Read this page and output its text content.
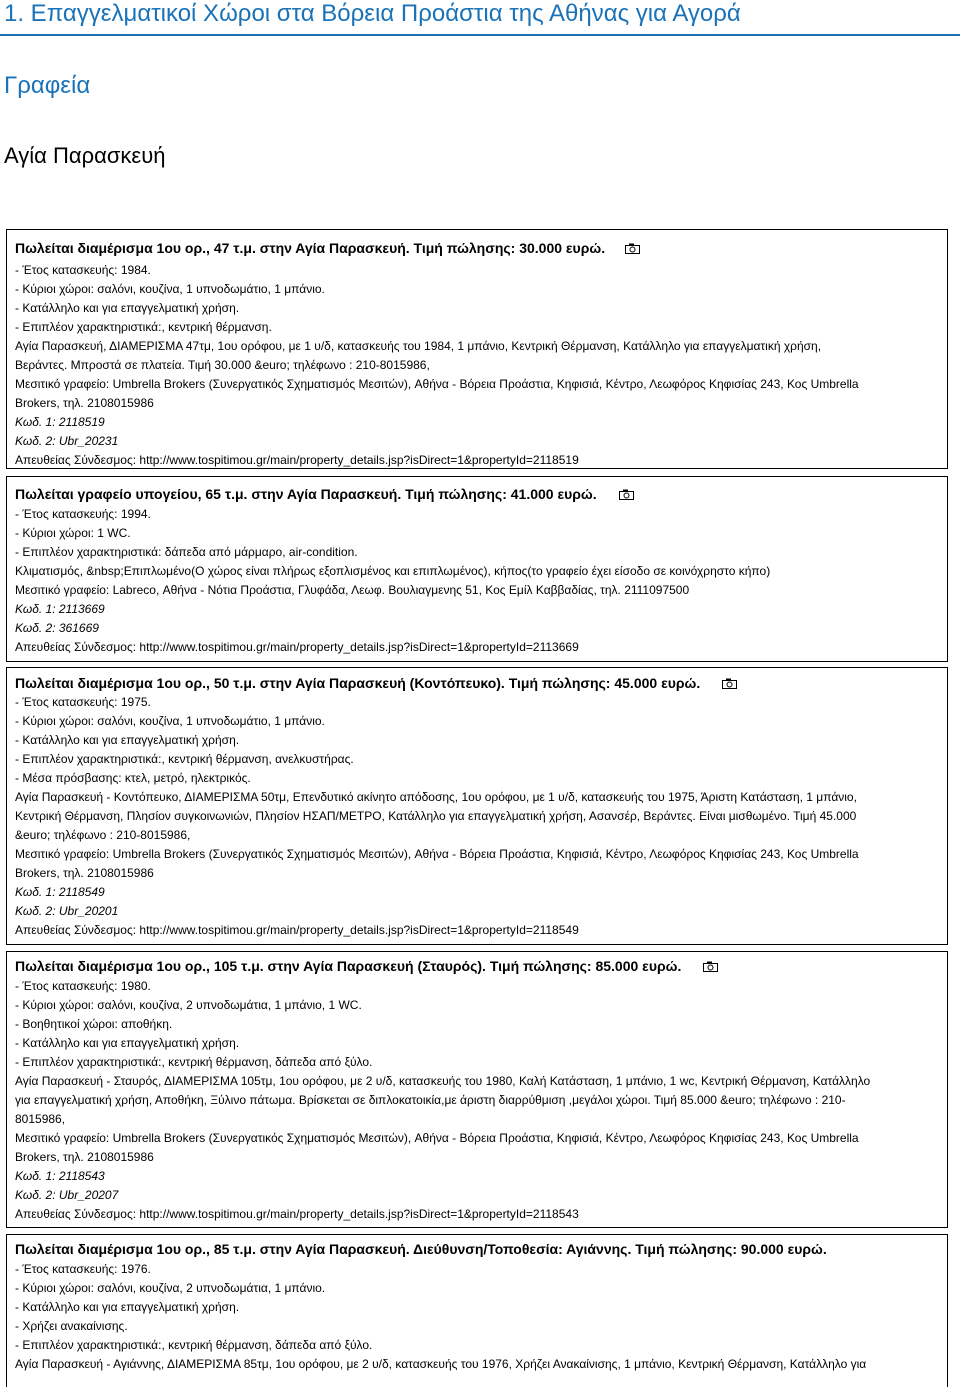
1. Επαγγελματικοί Χώροι στα Βόρεια Προάστια της Αθήνας για Αγορά
Γραφεία
Αγία Παρασκευή
Πωλείται διαμέρισμα 1ου ορ., 47 τ.μ. στην Αγία Παρασκευή. Τιμή πώλησης: 30.000 ευρώ.
- Έτος κατασκευής: 1984.
- Κύριοι χώροι: σαλόνι, κουζίνα, 1 υπνοδωμάτιο, 1 μπάνιο.
- Κατάλληλο και για επαγγελματική χρήση.
- Επιπλέον χαρακτηριστικά:, κεντρική θέρμανση.
Αγία Παρασκευή, ΔΙΑΜΕΡΙΣΜΑ 47τμ, 1ου ορόφου, με 1 υ/δ, κατασκευής του 1984, 1 μπάνιο, Κεντρική Θέρμανση, Κατάλληλο για επαγγελματική χρήση,
Βεράντες. Μπροστά σε πλατεία. Τιμή 30.000 &euro; τηλέφωνο : 210-8015986,
Μεσιτικό γραφείο: Umbrella Brokers (Συνεργατικός Σχηματισμός Μεσιτών), Αθήνα - Βόρεια Προάστια, Κηφισιά, Κέντρο, Λεωφόρος Κηφισίας 243, Κος Umbrella
Brokers, τηλ. 2108015986
Κωδ. 1: 2118519
Κωδ. 2: Ubr_20231
Απευθείας Σύνδεσμος: http://www.tospitimou.gr/main/property_details.jsp?isDirect=1&propertyId=2118519
Πωλείται γραφείο υπογείου, 65 τ.μ. στην Αγία Παρασκευή. Τιμή πώλησης: 41.000 ευρώ.
- Έτος κατασκευής: 1994.
- Κύριοι χώροι: 1 WC.
- Επιπλέον χαρακτηριστικά: δάπεδα από μάρμαρο, air-condition.
Κλιματισμός, &nbsp;Επιπλωμένο(Ο χώρος είναι πλήρως εξοπλισμένος και επιπλωμένος), κήπος(το γραφείο έχει είσοδο σε κοινόχρηστο κήπο)
Μεσιτικό γραφείο: Labreco, Αθήνα - Νότια Προάστια, Γλυφάδα, Λεωφ. Βουλιαγμενης 51, Κος Εμίλ Καββαδίας, τηλ. 2111097500
Κωδ. 1: 2113669
Κωδ. 2: 361669
Απευθείας Σύνδεσμος: http://www.tospitimou.gr/main/property_details.jsp?isDirect=1&propertyId=2113669
Πωλείται διαμέρισμα 1ου ορ., 50 τ.μ. στην Αγία Παρασκευή (Κοντόπευκο). Τιμή πώλησης: 45.000 ευρώ.
- Έτος κατασκευής: 1975.
- Κύριοι χώροι: σαλόνι, κουζίνα, 1 υπνοδωμάτιο, 1 μπάνιο.
- Κατάλληλο και για επαγγελματική χρήση.
- Επιπλέον χαρακτηριστικά:, κεντρική θέρμανση, ανελκυστήρας.
- Μέσα πρόσβασης: κτελ, μετρό, ηλεκτρικός.
Αγία Παρασκευή - Κοντόπευκο, ΔΙΑΜΕΡΙΣΜΑ 50τμ, Επενδυτικό ακίνητο απόδοσης, 1ου ορόφου, με 1 υ/δ, κατασκευής του 1975, Άριστη Κατάσταση, 1 μπάνιο,
Κεντρική Θέρμανση, Πλησίον συγκοινωνιών, Πλησίον ΗΣΑΠ/ΜΕΤΡΟ, Κατάλληλο για επαγγελματική χρήση, Ασανσέρ, Βεράντες. Είναι μισθωμένο. Τιμή 45.000
&euro; τηλέφωνο : 210-8015986,
Μεσιτικό γραφείο: Umbrella Brokers (Συνεργατικός Σχηματισμός Μεσιτών), Αθήνα - Βόρεια Προάστια, Κηφισιά, Κέντρο, Λεωφόρος Κηφισίας 243, Κος Umbrella
Brokers, τηλ. 2108015986
Κωδ. 1: 2118549
Κωδ. 2: Ubr_20201
Απευθείας Σύνδεσμος: http://www.tospitimou.gr/main/property_details.jsp?isDirect=1&propertyId=2118549
Πωλείται διαμέρισμα 1ου ορ., 105 τ.μ. στην Αγία Παρασκευή (Σταυρός). Τιμή πώλησης: 85.000 ευρώ.
- Έτος κατασκευής: 1980.
- Κύριοι χώροι: σαλόνι, κουζίνα, 2 υπνοδωμάτια, 1 μπάνιο, 1 WC.
- Βοηθητικοί χώροι: αποθήκη.
- Κατάλληλο και για επαγγελματική χρήση.
- Επιπλέον χαρακτηριστικά:, κεντρική θέρμανση, δάπεδα από ξύλο.
Αγία Παρασκευή - Σταυρός, ΔΙΑΜΕΡΙΣΜΑ 105τμ, 1ου ορόφου, με 2 υ/δ, κατασκευής του 1980, Καλή Κατάσταση, 1 μπάνιο, 1 wc, Κεντρική Θέρμανση, Κατάλληλο
για επαγγελματική χρήση, Αποθήκη, Ξύλινο πάτωμα. Βρίσκεται σε διπλοκατοικία,με άριστη διαρρύθμιση ,μεγάλοι χώροι. Τιμή 85.000 &euro; τηλέφωνο : 210-
8015986,
Μεσιτικό γραφείο: Umbrella Brokers (Συνεργατικός Σχηματισμός Μεσιτών), Αθήνα - Βόρεια Προάστια, Κηφισιά, Κέντρο, Λεωφόρος Κηφισίας 243, Κος Umbrella
Brokers, τηλ. 2108015986
Κωδ. 1: 2118543
Κωδ. 2: Ubr_20207
Απευθείας Σύνδεσμος: http://www.tospitimou.gr/main/property_details.jsp?isDirect=1&propertyId=2118543
Πωλείται διαμέρισμα 1ου ορ., 85 τ.μ. στην Αγία Παρασκευή. Διεύθυνση/Τοποθεσία: Αγιάννης. Τιμή πώλησης: 90.000 ευρώ.
- Έτος κατασκευής: 1976.
- Κύριοι χώροι: σαλόνι, κουζίνα, 2 υπνοδωμάτια, 1 μπάνιο.
- Κατάλληλο και για επαγγελματική χρήση.
- Χρήζει ανακαίνισης.
- Επιπλέον χαρακτηριστικά:, κεντρική θέρμανση, δάπεδα από ξύλο.
Αγία Παρασκευή - Αγιάννης, ΔΙΑΜΕΡΙΣΜΑ 85τμ, 1ου ορόφου, με 2 υ/δ, κατασκευής του 1976, Χρήζει Ανακαίνισης, 1 μπάνιο, Κεντρική Θέρμανση, Κατάλληλο για
